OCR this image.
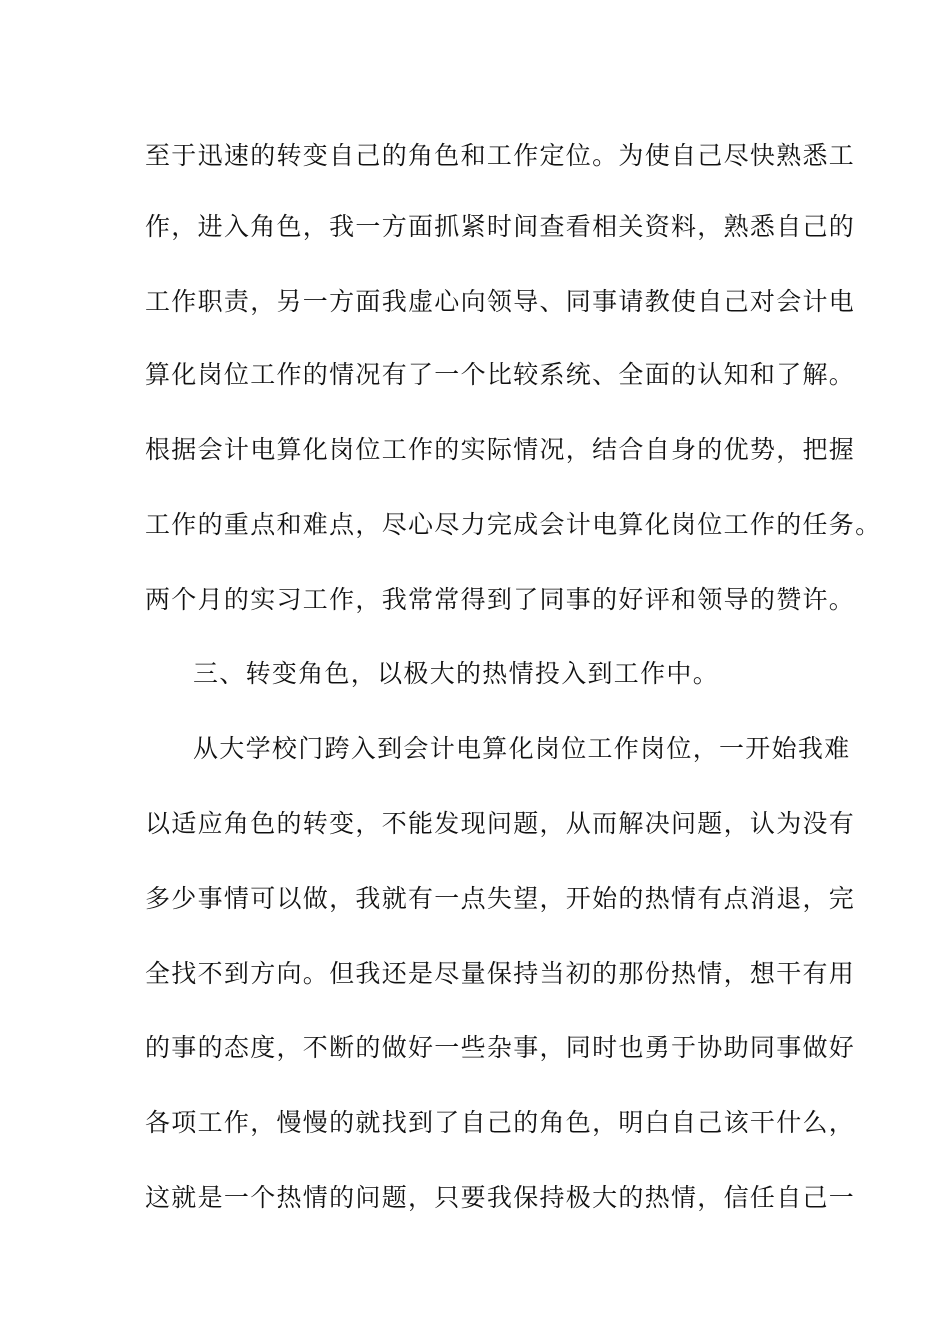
至于迅速的转变自己的角色和工作定位。为使自己尽快熟悉工
作，进入角色，我一方面抓紧时间查看相关资料，熟悉自己的
工作职责，另一方面我虚心向领导、同事请教使自己对会计电
算化岗位工作的情况有了一个比较系统、全面的认知和了解。
根据会计电算化岗位工作的实际情况，结合自身的优势，把握
工作的重点和难点，尽心尽力完成会计电算化岗位工作的任务。
两个月的实习工作，我常常得到了同事的好评和领导的赞许。
三、转变角色，以极大的热情投入到工作中。
从大学校门跨入到会计电算化岗位工作岗位，一开始我难
以适应角色的转变，不能发现问题，从而解决问题，认为没有
多少事情可以做，我就有一点失望，开始的热情有点消退，完
全找不到方向。但我还是尽量保持当初的那份热情，想干有用
的事的态度，不断的做好一些杂事，同时也勇于协助同事做好
各项工作，慢慢的就找到了自己的角色，明白自己该干什么，
这就是一个热情的问题，只要我保持极大的热情，信任自己一
